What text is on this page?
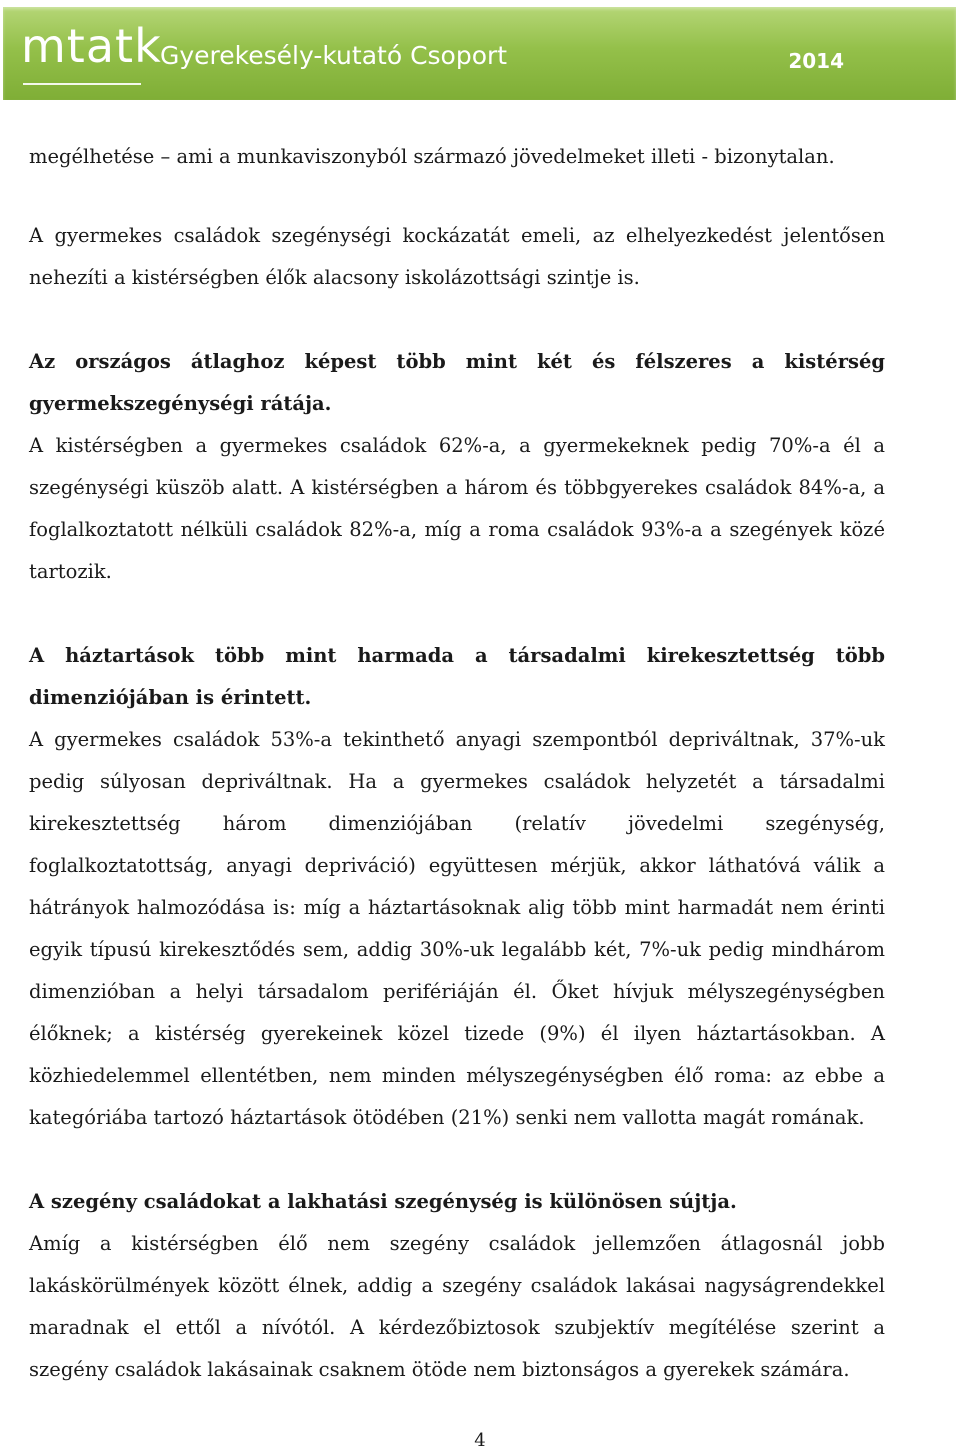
mtatk
Gyerekesély-kutató Csoport	2014

megélhetése – ami a munkaviszonyból származó jövedelmeket illeti - bizonytalan.

A gyermekes családok szegénységi kockázatát emeli, az elhelyezkedést jelentősen nehezíti a kistérségben élők alacsony iskolázottsági szintje is.

Az országos átlaghoz képest több mint két és félszeres a kistérség gyermekszegénységi rátája.

A kistérségben a gyermekes családok 62%-a, a gyermekeknek pedig 70%-a él a szegénységi küszöb alatt. A kistérségben a három és többgyerekes családok 84%-a, a foglalkoztatott nélküli családok 82%-a, míg a roma családok 93%-a a szegények közé tartozik.

A háztartások több mint harmada a társadalmi kirekesztettség több dimenziójában is érintett.

A gyermekes családok 53%-a tekinthető anyagi szempontból depriváltnak, 37%-uk pedig súlyosan depriváltnak. Ha a gyermekes családok helyzetét a társadalmi kirekesztettség három dimenziójában (relatív jövedelmi szegénység, foglalkoztatottság, anyagi depriváció) együttesen mérjük, akkor láthatóvá válik a hátrányok halmozódása is: míg a háztartásoknak alig több mint harmadát nem érinti egyik típusú kirekesztődés sem, addig 30%-uk legalább két, 7%-uk pedig mindhárom dimenzióban a helyi társadalom perifériáján él. Őket hívjuk mélyszegénységben élőknek; a kistérség gyerekeinek közel tizede (9%) él ilyen háztartásokban. A közhiedelemmel ellentétben, nem minden mélyszegénységben élő roma: az ebbe a kategóriába tartozó háztartások ötödében (21%) senki nem vallotta magát romának.

A szegény családokat a lakhatási szegénység is különösen sújtja.

Amíg a kistérségben élő nem szegény családok jellemzően átlagosnál jobb lakáskörülmények között élnek, addig a szegény családok lakásai nagyságrendekkel maradnak el ettől a nívótól. A kérdezőbiztosok szubjektív megítélése szerint a szegény családok lakásainak csaknem ötöde nem biztonságos a gyerekek számára.

4
